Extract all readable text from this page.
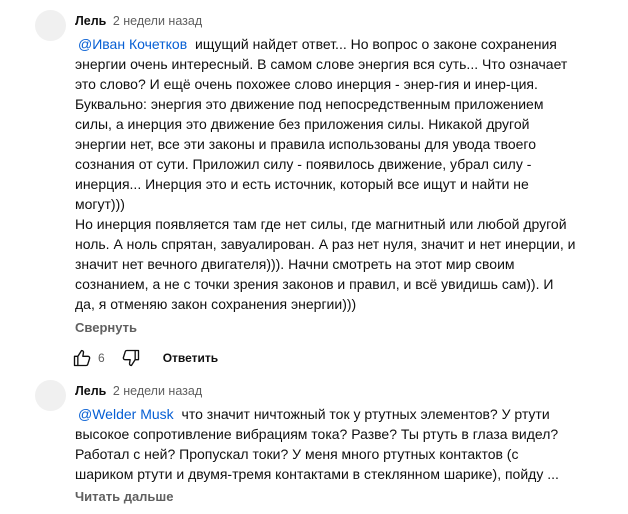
Лель 2 недели назад
@Иван Кочетков ищущий найдет ответ... Но вопрос о законе сохранения
энергии очень интересный. В самом слове энергия вся суть... Что означает
это слово? И ещё очень похожее слово инерция - энер-гия и инер-ция.
Буквально: энергия это движение под непосредственным приложением
силы, а инерция это движение без приложения силы. Никакой другой
энергии нет, все эти законы и правила использованы для увода твоего
сознания от сути. Приложил силу - появилось движение, убрал силу -
инерция... Инерция это и есть источник, который все ищут и найти не
могут)))
Но инерция появляется там где нет силы, где магнитный или любой другой
ноль. А ноль спрятан, завуалирован. А раз нет нуля, значит и нет инерции, и
значит нет вечного двигателя))). Начни смотреть на этот мир своим
сознанием, а не с точки зрения законов и правил, и всё увидишь сам)). И
да, я отменяю закон сохранения энергии)))
Свернуть
6	Ответить
Лель 2 недели назад
@Welder Musk что значит ничтожный ток у ртутных элементов? У ртути
высокое сопротивление вибрациям тока? Разве? Ты ртуть в глаза видел?
Работал с ней? Пропускал токи? У меня много ртутных контактов (с
шариком ртути и двумя-тремя контактами в стеклянном шарике), пойду ...
Читать дальше
